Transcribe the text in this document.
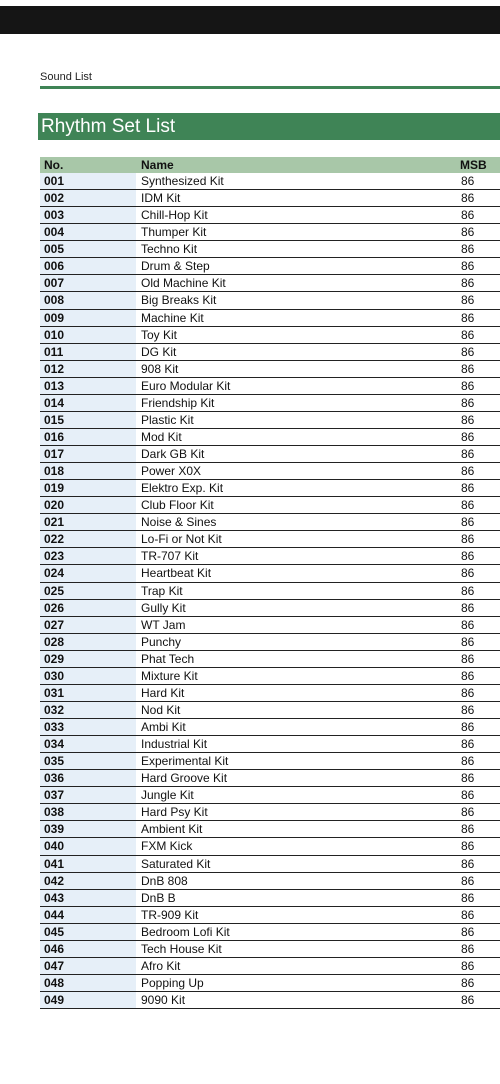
Sound List
Rhythm Set List
No.	Name	MSB
001	Synthesized Kit	86
002	IDM Kit	86
003	Chill-Hop Kit	86
004	Thumper Kit	86
005	Techno Kit	86
006	Drum & Step	86
007	Old Machine Kit	86
008	Big Breaks Kit	86
009	Machine Kit	86
010	Toy Kit	86
011	DG Kit	86
012	908 Kit	86
013	Euro Modular Kit	86
014	Friendship Kit	86
015	Plastic Kit	86
016	Mod Kit	86
017	Dark GB Kit	86
018	Power X0X	86
019	Elektro Exp. Kit	86
020	Club Floor Kit	86
021	Noise & Sines	86
022	Lo-Fi or Not Kit	86
023	TR-707 Kit	86
024	Heartbeat Kit	86
025	Trap Kit	86
026	Gully Kit	86
027	WT Jam	86
028	Punchy	86
029	Phat Tech	86
030	Mixture Kit	86
031	Hard Kit	86
032	Nod Kit	86
033	Ambi Kit	86
034	Industrial Kit	86
035	Experimental Kit	86
036	Hard Groove Kit	86
037	Jungle Kit	86
038	Hard Psy Kit	86
039	Ambient Kit	86
040	FXM Kick	86
041	Saturated Kit	86
042	DnB 808	86
043	DnB B	86
044	TR-909 Kit	86
045	Bedroom Lofi Kit	86
046	Tech House Kit	86
047	Afro Kit	86
048	Popping Up	86
049	9090 Kit	86
